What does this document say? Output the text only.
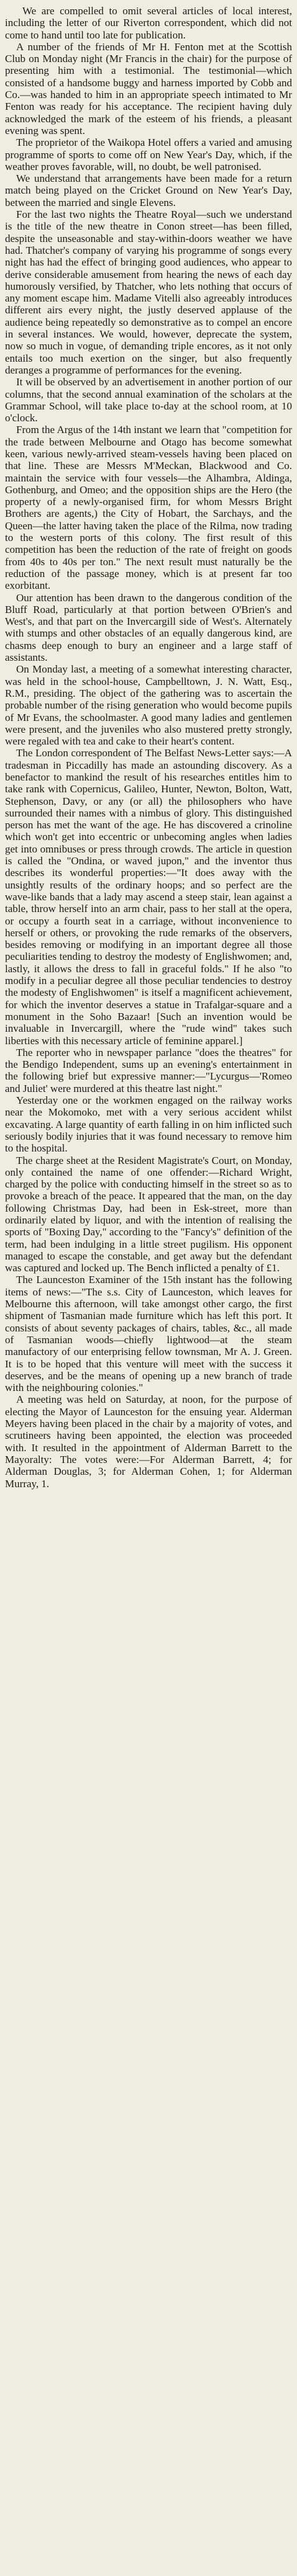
We are compelled to omit several articles of local interest, including the letter of our Riverton correspondent, which did not come to hand until too late for publication.

A number of the friends of Mr H. Fenton met at the Scottish Club on Monday night (Mr Francis in the chair) for the purpose of presenting him with a testimonial. The testimonial—which consisted of a handsome buggy and harness imported by Cobb and Co.—was handed to him in an appropriate speech intimated to Mr Fenton was ready for his acceptance. The recipient having duly acknowledged the mark of the esteem of his friends, a pleasant evening was spent.

The proprietor of the Waikopa Hotel offers a varied and amusing programme of sports to come off on New Year's Day, which, if the weather proves favorable, will, no doubt, be well patronised.

We understand that arrangements have been made for a return match being played on the Cricket Ground on New Year's Day, between the married and single Elevens.

For the last two nights the Theatre Royal—such we understand is the title of the new theatre in Conon street—has been filled, despite the unseasonable and stay-within-doors weather we have had. Thatcher's company of varying his programme of songs every night has had the effect of bringing good audiences, who appear to derive considerable amusement from hearing the news of each day humorously versified, by Thatcher, who lets nothing that occurs of any moment escape him. Madame Vitelli also agreeably introduces different airs every night, the justly deserved applause of the audience being repeatedly so demonstrative as to compel an encore in several instances. We would, however, deprecate the system, now so much in vogue, of demanding triple encores, as it not only entails too much exertion on the singer, but also frequently deranges a programme of performances for the evening.

It will be observed by an advertisement in another portion of our columns, that the second annual examination of the scholars at the Grammar School, will take place to-day at the school room, at 10 o'clock.

From the Argus of the 14th instant we learn that "competition for the trade between Melbourne and Otago has become somewhat keen, various newly-arrived steam-vessels having been placed on that line. These are Messrs M'Meckan, Blackwood and Co. maintain the service with four vessels—the Alhambra, Aldinga, Gothenburg, and Omeo; and the opposition ships are the Hero (the property of a newly-organised firm, for whom Messrs Bright Brothers are agents,) the City of Hobart, the Sarchays, and the Queen—the latter having taken the place of the Rilma, now trading to the western ports of this colony. The first result of this competition has been the reduction of the rate of freight on goods from 40s to 40s per ton." The next result must naturally be the reduction of the passage money, which is at present far too exorbitant.

Our attention has been drawn to the dangerous condition of the Bluff Road, particularly at that portion between O'Brien's and West's, and that part on the Invercargill side of West's. Alternately with stumps and other obstacles of an equally dangerous kind, are chasms deep enough to bury an engineer and a large staff of assistants.

On Monday last, a meeting of a somewhat interesting character, was held in the school-house, Campbelltown, J. N. Watt, Esq., R.M., presiding. The object of the gathering was to ascertain the probable number of the rising generation who would become pupils of Mr Evans, the schoolmaster. A good many ladies and gentlemen were present, and the juveniles who also mustered pretty strongly, were regaled with tea and cake to their heart's content.

The London correspondent of The Belfast News-Letter says:—A tradesman in Piccadilly has made an astounding discovery. As a benefactor to mankind the result of his researches entitles him to take rank with Copernicus, Galileo, Hunter, Newton, Bolton, Watt, Stephenson, Davy, or any (or all) the philosophers who have surrounded their names with a nimbus of glory. This distinguished person has met the want of the age. He has discovered a crinoline which won't get into eccentric or unbecoming angles when ladies get into omnibuses or press through crowds. The article in question is called the "Ondina, or waved jupon," and the inventor thus describes its wonderful properties:—"It does away with the unsightly results of the ordinary hoops; and so perfect are the wave-like bands that a lady may ascend a steep stair, lean against a table, throw herself into an arm chair, pass to her stall at the opera, or occupy a fourth seat in a carriage, without inconvenience to herself or others, or provoking the rude remarks of the observers, besides removing or modifying in an important degree all those peculiarities tending to destroy the modesty of Englishwomen; and, lastly, it allows the dress to fall in graceful folds." If he also "to modify in a peculiar degree all those peculiar tendencies to destroy the modesty of Englishwomen" is itself a magnificent achievement, for which the inventor deserves a statue in Trafalgar-square and a monument in the Soho Bazaar! [Such an invention would be invaluable in Invercargill, where the "rude wind" takes such liberties with this necessary article of feminine apparel.]

The reporter who in newspaper parlance "does the theatres" for the Bendigo Independent, sums up an evening's entertainment in the following brief but expressive manner:—"Lycurgus—'Romeo and Juliet' were murdered at this theatre last night."

Yesterday one or the workmen engaged on the railway works near the Mokomoko, met with a very serious accident whilst excavating. A large quantity of earth falling in on him inflicted such seriously bodily injuries that it was found necessary to remove him to the hospital.

The charge sheet at the Resident Magistrate's Court, on Monday, only contained the name of one offender:—Richard Wright, charged by the police with conducting himself in the street so as to provoke a breach of the peace. It appeared that the man, on the day following Christmas Day, had been in Esk-street, more than ordinarily elated by liquor, and with the intention of realising the sports of "Boxing Day," according to the "Fancy's" definition of the term, had been indulging in a little street pugilism. His opponent managed to escape the constable, and get away but the defendant was captured and locked up. The Bench inflicted a penalty of £1.

The Launceston Examiner of the 15th instant has the following items of news:—"The s.s. City of Launceston, which leaves for Melbourne this afternoon, will take amongst other cargo, the first shipment of Tasmanian made furniture which has left this port. It consists of about seventy packages of chairs, tables, &c., all made of Tasmanian woods—chiefly lightwood—at the steam manufactory of our enterprising fellow townsman, Mr A. J. Green. It is to be hoped that this venture will meet with the success it deserves, and be the means of opening up a new branch of trade with the neighbouring colonies."

A meeting was held on Saturday, at noon, for the purpose of electing the Mayor of Launceston for the ensuing year. Alderman Meyers having been placed in the chair by a majority of votes, and scrutineers having been appointed, the election was proceeded with. It resulted in the appointment of Alderman Barrett to the Mayoralty: The votes were:—For Alderman Barrett, 4; for Alderman Douglas, 3; for Alderman Cohen, 1; for Alderman Murray, 1.
